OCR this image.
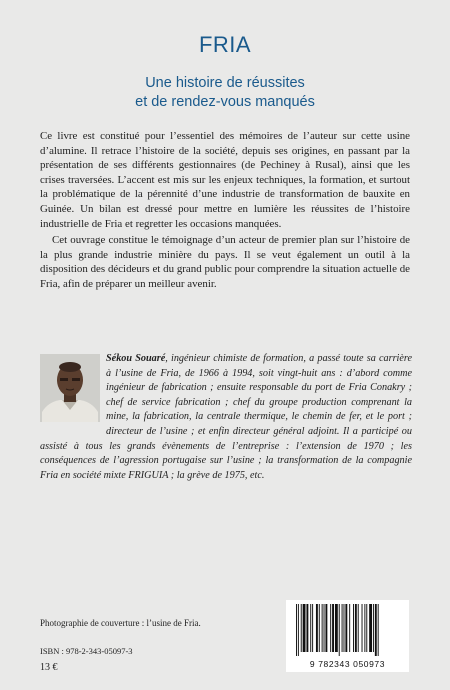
FRIA
Une histoire de réussites
et de rendez-vous manqués

Ce livre est constitué pour l’essentiel des mémoires de l’auteur sur cette usine d’alumine. Il retrace l’histoire de la société, depuis ses origines, en passant par la présentation de ses différents gestionnaires (de Pechiney à Rusal), ainsi que les crises traversées. L’accent est mis sur les enjeux techniques, la formation, et surtout la problématique de la pérennité d’une industrie de transformation de bauxite en Guinée. Un bilan est dressé pour mettre en lumière les réussites de l’histoire industrielle de Fria et regretter les occasions manquées.

Cet ouvrage constitue le témoignage d’un acteur de premier plan sur l’histoire de la plus grande industrie minière du pays. Il se veut également un outil à la disposition des décideurs et du grand public pour comprendre la situation actuelle de Fria, afin de préparer un meilleur avenir.

Sékou Souaré, ingénieur chimiste de formation, a passé toute sa carrière à l’usine de Fria, de 1966 à 1994, soit vingt-huit ans : d’abord comme ingénieur de fabrication ; ensuite responsable du port de Fria Conakry ; chef de service fabrication ; chef du groupe production comprenant la mine, la fabrication, la centrale thermique, le chemin de fer, et le port ; directeur de l’usine ; et enfin directeur général adjoint. Il a participé ou assisté à tous les grands évènements de l’entreprise : l’extension de 1970 ; les conséquences de l’agression portugaise sur l’usine ; la transformation de la compagnie Fria en société mixte FRIGUIA ; la grève de 1975, etc.
Photographie de couverture : l’usine de Fria.
ISBN : 978-2-343-05097-3
13 €	9 782343 050973
